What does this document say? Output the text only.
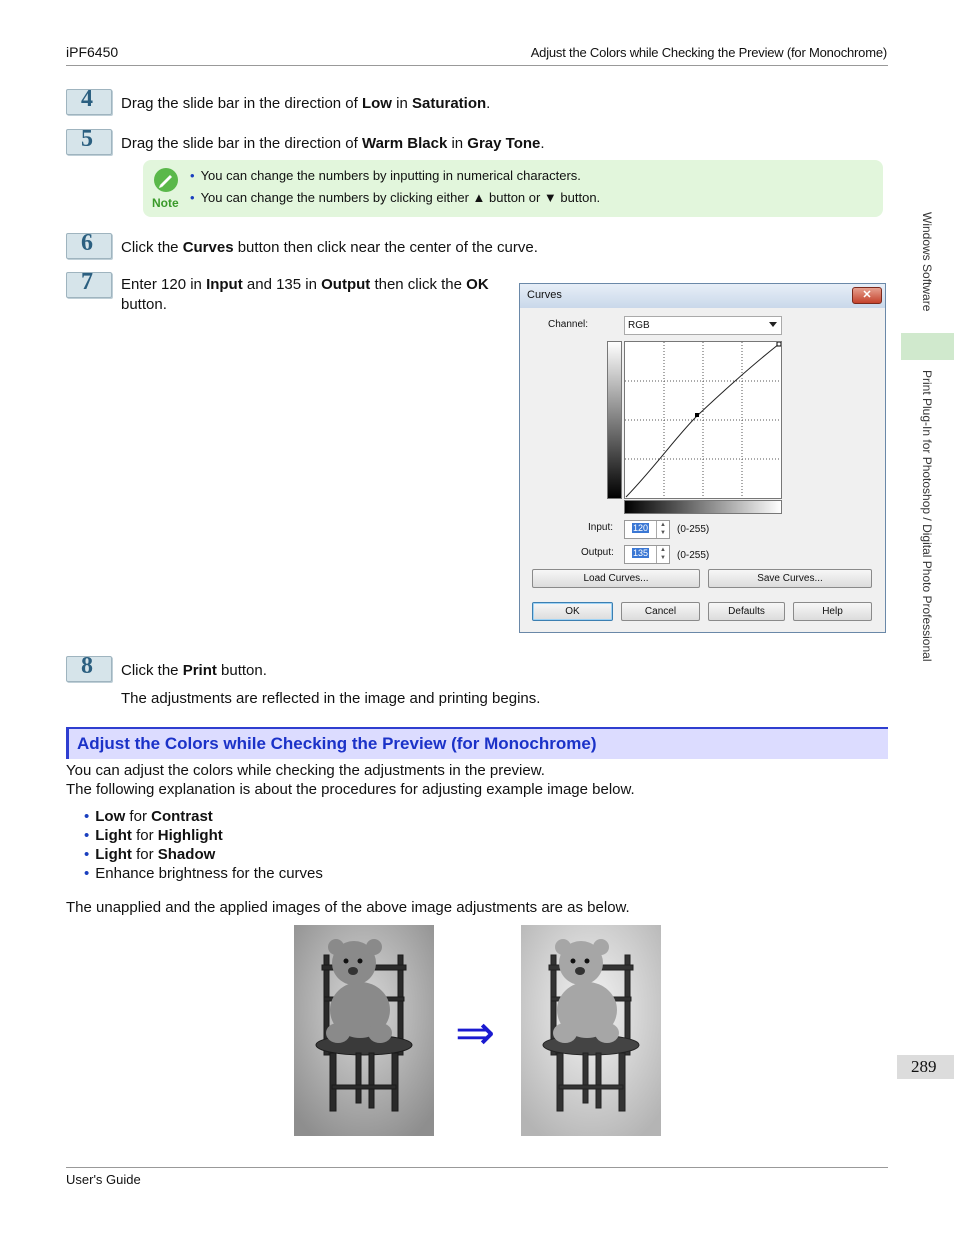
iPF6450	Adjust the Colors while Checking the Preview (for Monochrome)
User's Guide
Windows Software
Print Plug-In for Photoshop / Digital Photo Professional
289
4 Drag the slide bar in the direction of Low in Saturation.
5 Drag the slide bar in the direction of Warm Black in Gray Tone.
Note
• You can change the numbers by inputting in numerical characters.
• You can change the numbers by clicking either ▲ button or ▼ button.
6 Click the Curves button then click near the center of the curve.
7 Enter 120 in Input and 135 in Output then click the OK
button.
Curves	✕
Channel:	RGB
Input: 120	▲
▼	(0-255)
Output: 135	▲
▼	(0-255)
Load Curves...	Save Curves...
OK	Cancel	Defaults	Help
8 Click the Print button.
The adjustments are reflected in the image and printing begins.
Adjust the Colors while Checking the Preview (for Monochrome)
You can adjust the colors while checking the adjustments in the preview.
The following explanation is about the procedures for adjusting example image below.
• Low for Contrast
• Light for Highlight
• Light for Shadow
• Enhance brightness for the curves
The unapplied and the applied images of the above image adjustments are as below.
⇒
